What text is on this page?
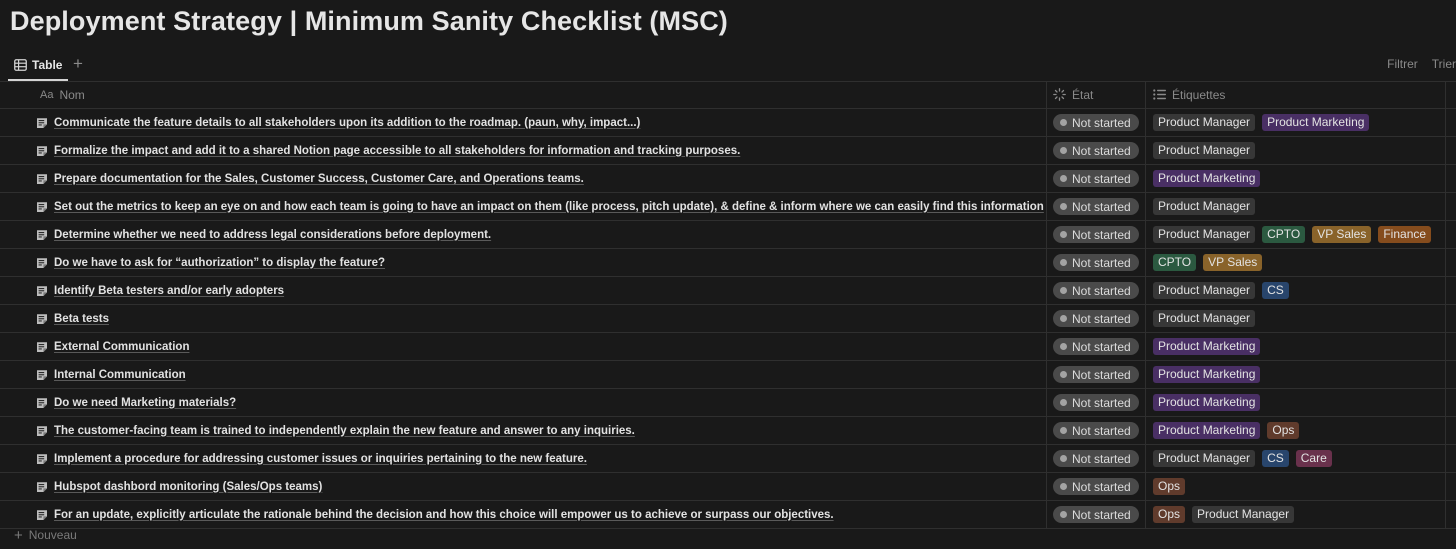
Deployment Strategy | Minimum Sanity Checklist (MSC)
Table +	Filtrer Trier
Aa Nom	État	Étiquettes
Communicate the feature details to all stakeholders upon its addition to the roadmap. (paun, why, impact...)	Not started	Product Manager	Product Marketing
Formalize the impact and add it to a shared Notion page accessible to all stakeholders for information and tracking purposes.	Not started	Product Manager
Prepare documentation for the Sales, Customer Success, Customer Care, and Operations teams.	Not started	Product Marketing
Set out the metrics to keep an eye on and how each team is going to have an impact on them (like process, pitch update), & define & inform where we can easily find this information Not started	Product Manager
Determine whether we need to address legal considerations before deployment.	Not started	Product Manager	CPTO	VP Sales	Finance
Do we have to ask for “authorization” to display the feature?	Not started	CPTO	VP Sales
Identify Beta testers and/or early adopters	Not started	Product Manager	CS
Beta tests	Not started	Product Manager
External Communication	Not started	Product Marketing
Internal Communication	Not started	Product Marketing
Do we need Marketing materials?	Not started	Product Marketing
The customer-facing team is trained to independently explain the new feature and answer to any inquiries.	Not started	Product Marketing	Ops
Implement a procedure for addressing customer issues or inquiries pertaining to the new feature.	Not started	Product Manager	CS	Care
Hubspot dashbord monitoring (Sales/Ops teams)	Not started	Ops
For an update, explicitly articulate the rationale behind the decision and how this choice will empower us to achieve or surpass our objectives.	Not started	Ops	Product Manager
+ Nouveau
